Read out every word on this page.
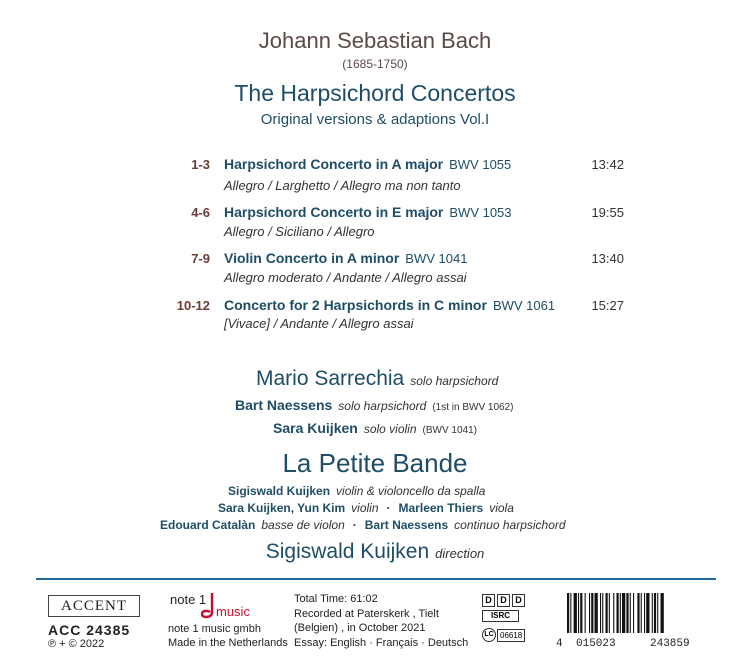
Johann Sebastian Bach
(1685-1750)
The Harpsichord Concertos
Original versions & adaptions Vol.I
1-3 Harpsichord Concerto in A major BWV 1055	13:42
Allegro / Larghetto / Allegro ma non tanto
4-6 Harpsichord Concerto in E major BWV 1053	19:55
Allegro / Siciliano / Allegro
7-9 Violin Concerto in A minor BWV 1041	13:40
Allegro moderato / Andante / Allegro assai
10-12 Concerto for 2 Harpsichords in C minor BWV 1061	15:27
[Vivace] / Andante / Allegro assai
Mario Sarrechia solo harpsichord
Bart Naessens solo harpsichord (1st in BWV 1062)
Sara Kuijken solo violin (BWV 1041)
La Petite Bande
Sigiswald Kuijken violin & violoncello da spalla
Sara Kuijken, Yun Kim violin · Marleen Thiers viola
Edouard Catalàn basse de violon · Bart Naessens continuo harpsichord
Sigiswald Kuijken direction
ACCENT
ACC 24385
℗ + © 2022
note 1
music
note 1 music gmbh
Made in the Netherlands
Total Time: 61:02
Recorded at Paterskerk , Tielt
(Belgien) , in October 2021
Essay: English · Français · Deutsch
D D D
ISRC
LC 06618
4 015023	243859
